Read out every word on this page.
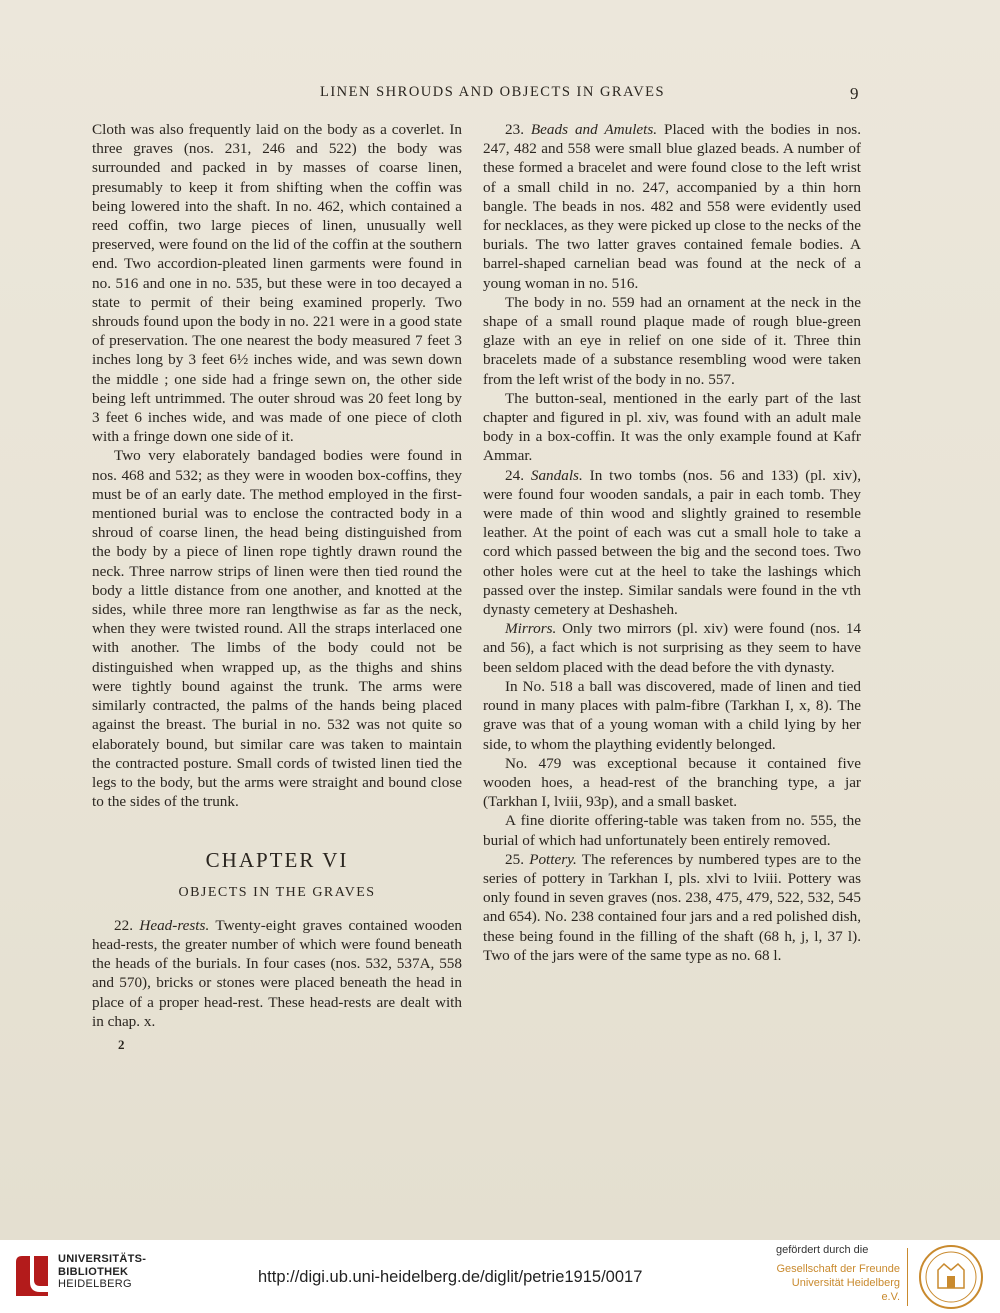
LINEN SHROUDS AND OBJECTS IN GRAVES	9

Cloth was also frequently laid on the body as a coverlet. In three graves (nos. 231, 246 and 522) the body was surrounded and packed in by masses of coarse linen, presumably to keep it from shifting when the coffin was being lowered into the shaft. In no. 462, which contained a reed coffin, two large pieces of linen, unusually well preserved, were found on the lid of the coffin at the southern end. Two accordion-pleated linen garments were found in no. 516 and one in no. 535, but these were in too decayed a state to permit of their being examined properly. Two shrouds found upon the body in no. 221 were in a good state of preservation. The one nearest the body measured 7 feet 3 inches long by 3 feet 6½ inches wide, and was sewn down the middle ; one side had a fringe sewn on, the other side being left untrimmed. The outer shroud was 20 feet long by 3 feet 6 inches wide, and was made of one piece of cloth with a fringe down one side of it.

Two very elaborately bandaged bodies were found in nos. 468 and 532; as they were in wooden box-coffins, they must be of an early date. The method employed in the first-mentioned burial was to enclose the contracted body in a shroud of coarse linen, the head being distinguished from the body by a piece of linen rope tightly drawn round the neck. Three narrow strips of linen were then tied round the body a little distance from one another, and knotted at the sides, while three more ran lengthwise as far as the neck, when they were twisted round. All the straps interlaced one with another. The limbs of the body could not be distinguished when wrapped up, as the thighs and shins were tightly bound against the trunk. The arms were similarly contracted, the palms of the hands being placed against the breast. The burial in no. 532 was not quite so elaborately bound, but similar care was taken to maintain the contracted posture. Small cords of twisted linen tied the legs to the body, but the arms were straight and bound close to the sides of the trunk.

CHAPTER VI
OBJECTS IN THE GRAVES

22. Head-rests. Twenty-eight graves contained wooden head-rests, the greater number of which were found beneath the heads of the burials. In four cases (nos. 532, 537A, 558 and 570), bricks or stones were placed beneath the head in place of a proper head-rest. These head-rests are dealt with in chap. x.

2

23. Beads and Amulets. Placed with the bodies in nos. 247, 482 and 558 were small blue glazed beads. A number of these formed a bracelet and were found close to the left wrist of a small child in no. 247, accompanied by a thin horn bangle. The beads in nos. 482 and 558 were evidently used for necklaces, as they were picked up close to the necks of the burials. The two latter graves contained female bodies. A barrel-shaped carnelian bead was found at the neck of a young woman in no. 516.

The body in no. 559 had an ornament at the neck in the shape of a small round plaque made of rough blue-green glaze with an eye in relief on one side of it. Three thin bracelets made of a substance resembling wood were taken from the left wrist of the body in no. 557.

The button-seal, mentioned in the early part of the last chapter and figured in pl. xiv, was found with an adult male body in a box-coffin. It was the only example found at Kafr Ammar.

24. Sandals. In two tombs (nos. 56 and 133) (pl. xiv), were found four wooden sandals, a pair in each tomb. They were made of thin wood and slightly grained to resemble leather. At the point of each was cut a small hole to take a cord which passed between the big and the second toes. Two other holes were cut at the heel to take the lashings which passed over the instep. Similar sandals were found in the vth dynasty cemetery at Deshasheh.

Mirrors. Only two mirrors (pl. xiv) were found (nos. 14 and 56), a fact which is not surprising as they seem to have been seldom placed with the dead before the vith dynasty.

In No. 518 a ball was discovered, made of linen and tied round in many places with palm-fibre (Tarkhan I, x, 8). The grave was that of a young woman with a child lying by her side, to whom the plaything evidently belonged.

No. 479 was exceptional because it contained five wooden hoes, a head-rest of the branching type, a jar (Tarkhan I, lviii, 93p), and a small basket.

A fine diorite offering-table was taken from no. 555, the burial of which had unfortunately been entirely removed.

25. Pottery. The references by numbered types are to the series of pottery in Tarkhan I, pls. xlvi to lviii. Pottery was only found in seven graves (nos. 238, 475, 479, 522, 532, 545 and 654). No. 238 contained four jars and a red polished dish, these being found in the filling of the shaft (68 h, j, l, 37 l). Two of the jars were of the same type as no. 68 l.

UNIVERSITÄTS-
BIBLIOTHEK
HEIDELBERG	http://digi.ub.uni-heidelberg.de/diglit/petrie1915/0017
gefördert durch die
Gesellschaft der Freunde
Universität Heidelberg e.V.
